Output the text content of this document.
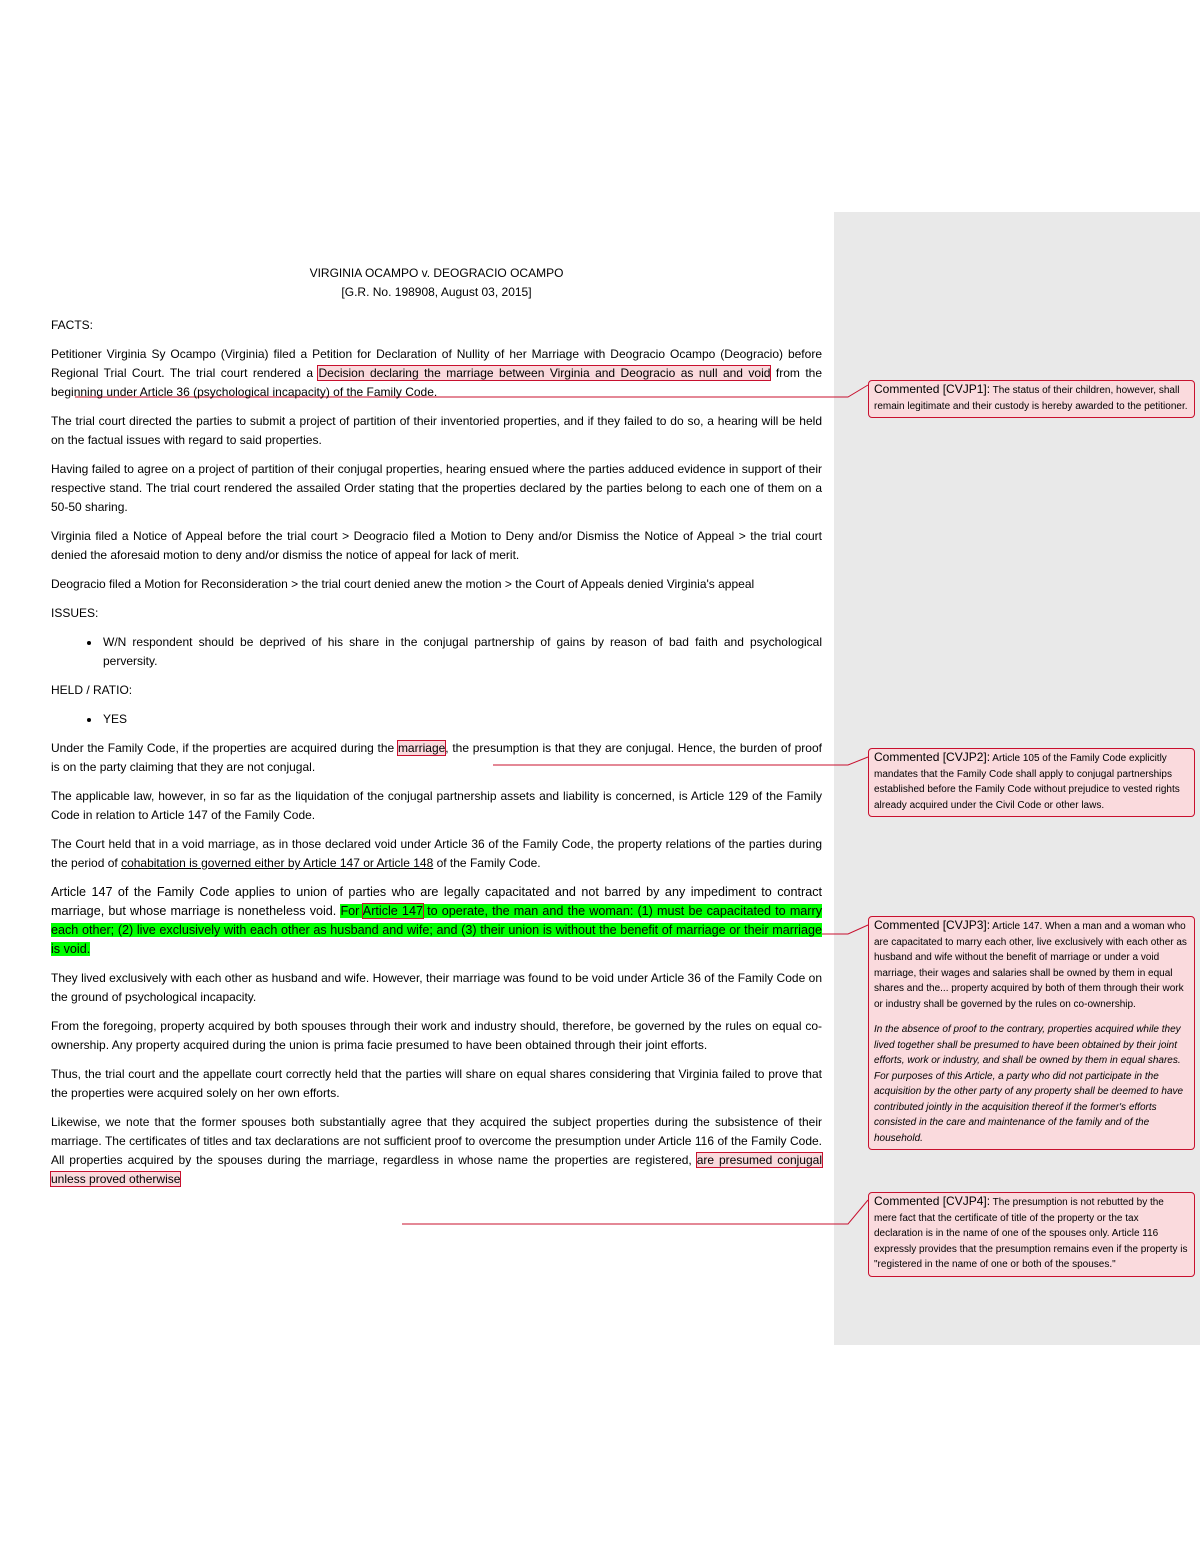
VIRGINIA OCAMPO v. DEOGRACIO OCAMPO

[G.R. No. 198908, August 03, 2015]

FACTS:

Petitioner Virginia Sy Ocampo (Virginia) filed a Petition for Declaration of Nullity of her Marriage with Deogracio Ocampo (Deogracio) before Regional Trial Court. The trial court rendered a Decision declaring the marriage between Virginia and Deogracio as null and void from the beginning under Article 36 (psychological incapacity) of the Family Code.

The trial court directed the parties to submit a project of partition of their inventoried properties, and if they failed to do so, a hearing will be held on the factual issues with regard to said properties.

Having failed to agree on a project of partition of their conjugal properties, hearing ensued where the parties adduced evidence in support of their respective stand. The trial court rendered the assailed Order stating that the properties declared by the parties belong to each one of them on a 50-50 sharing.

Virginia filed a Notice of Appeal before the trial court > Deogracio filed a Motion to Deny and/or Dismiss the Notice of Appeal > the trial court denied the aforesaid motion to deny and/or dismiss the notice of appeal for lack of merit.

Deogracio filed a Motion for Reconsideration > the trial court denied anew the motion > the Court of Appeals denied Virginia's appeal

ISSUES:

• W/N respondent should be deprived of his share in the conjugal partnership of gains by reason of bad faith and psychological perversity.

HELD / RATIO:

• YES

Under the Family Code, if the properties are acquired during the marriage, the presumption is that they are conjugal. Hence, the burden of proof is on the party claiming that they are not conjugal.

The applicable law, however, in so far as the liquidation of the conjugal partnership assets and liability is concerned, is Article 129 of the Family Code in relation to Article 147 of the Family Code.

The Court held that in a void marriage, as in those declared void under Article 36 of the Family Code, the property relations of the parties during the period of cohabitation is governed either by Article 147 or Article 148 of the Family Code.

Article 147 of the Family Code applies to union of parties who are legally capacitated and not barred by any impediment to contract marriage, but whose marriage is nonetheless void. For Article 147 to operate, the man and the woman: (1) must be capacitated to marry each other; (2) live exclusively with each other as husband and wife; and (3) their union is without the benefit of marriage or their marriage is void.

They lived exclusively with each other as husband and wife. However, their marriage was found to be void under Article 36 of the Family Code on the ground of psychological incapacity.

From the foregoing, property acquired by both spouses through their work and industry should, therefore, be governed by the rules on equal co-ownership. Any property acquired during the union is prima facie presumed to have been obtained through their joint efforts.

Thus, the trial court and the appellate court correctly held that the parties will share on equal shares considering that Virginia failed to prove that the properties were acquired solely on her own efforts.

Likewise, we note that the former spouses both substantially agree that they acquired the subject properties during the subsistence of their marriage. The certificates of titles and tax declarations are not sufficient proof to overcome the presumption under Article 116 of the Family Code. All properties acquired by the spouses during the marriage, regardless in whose name the properties are registered, are presumed conjugal unless proved otherwise

Commented [CVJP1]: The status of their children, however, shall remain legitimate and their custody is hereby awarded to the petitioner.

Commented [CVJP2]: Article 105 of the Family Code explicitly mandates that the Family Code shall apply to conjugal partnerships established before the Family Code without prejudice to vested rights already acquired under the Civil Code or other laws.

Commented [CVJP3]: Article 147. When a man and a woman who are capacitated to marry each other, live exclusively with each other as husband and wife without the benefit of marriage or under a void marriage, their wages and salaries shall be owned by them in equal shares and the... property acquired by both of them through their work or industry shall be governed by the rules on co-ownership.

In the absence of proof to the contrary, properties acquired while they lived together shall be presumed to have been obtained by their joint efforts, work or industry, and shall be owned by them in equal shares. For purposes of this Article, a party who did not participate in the acquisition by the other party of any property shall be deemed to have contributed jointly in the acquisition thereof if the former's efforts consisted in the care and maintenance of the family and of the household.

Commented [CVJP4]: The presumption is not rebutted by the mere fact that the certificate of title of the property or the tax declaration is in the name of one of the spouses only. Article 116 expressly provides that the presumption remains even if the property is "registered in the name of one or both of the spouses."
